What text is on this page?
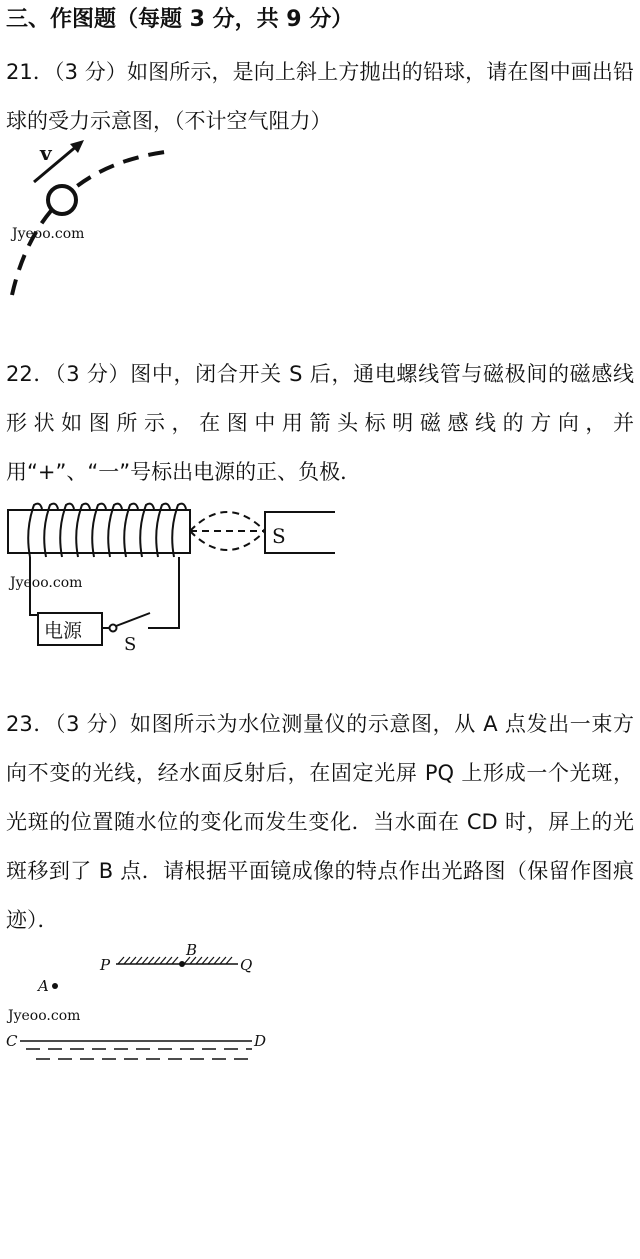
三、作图题（每题 3 分，共 9 分）
21．（3 分）如图所示，是向上斜上方抛出的铅球，请在图中画出铅球的受力示意图，（不计空气阻力）
Jyeoo.com
v
22．（3 分）图中，闭合开关 S 后，通电螺线管与磁极间的磁感线形状如图所示，在图中用箭头标明磁感线的方向，并用“+”、“一”号标出电源的正、负极．
Jyeoo.com
S
电源
S
23．（3 分）如图所示为水位测量仪的示意图，从 A 点发出一束方向不变的光线，经水面反射后，在固定光屏 PQ 上形成一个光斑，光斑的位置随水位的变化而发生变化．当水面在 CD 时，屏上的光斑移到了 B 点．请根据平面镜成像的特点作出光路图（保留作图痕迹）．
P	Q
B
A
Jyeoo.com
C	D
